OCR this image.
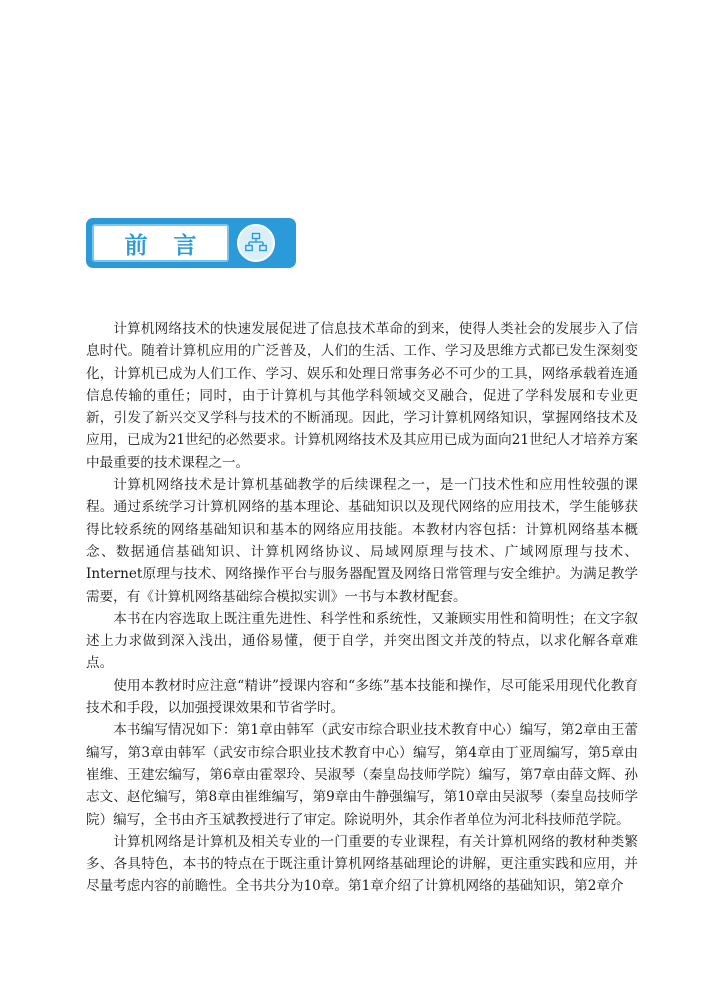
前言

计算机网络技术的快速发展促进了信息技术革命的到来，使得人类社会的发展步入了信息时代。随着计算机应用的广泛普及，人们的生活、工作、学习及思维方式都已发生深刻变化，计算机已成为人们工作、学习、娱乐和处理日常事务必不可少的工具，网络承载着连通信息传输的重任；同时，由于计算机与其他学科领域交叉融合，促进了学科发展和专业更新，引发了新兴交叉学科与技术的不断涌现。因此，学习计算机网络知识，掌握网络技术及应用，已成为21世纪的必然要求。计算机网络技术及其应用已成为面向21世纪人才培养方案中最重要的技术课程之一。

计算机网络技术是计算机基础教学的后续课程之一，是一门技术性和应用性较强的课程。通过系统学习计算机网络的基本理论、基础知识以及现代网络的应用技术，学生能够获得比较系统的网络基础知识和基本的网络应用技能。本教材内容包括：计算机网络基本概念、数据通信基础知识、计算机网络协议、局域网原理与技术、广域网原理与技术、Internet原理与技术、网络操作平台与服务器配置及网络日常管理与安全维护。为满足教学需要，有《计算机网络基础综合模拟实训》一书与本教材配套。

本书在内容选取上既注重先进性、科学性和系统性，又兼顾实用性和简明性；在文字叙述上力求做到深入浅出，通俗易懂，便于自学，并突出图文并茂的特点，以求化解各章难点。

使用本教材时应注意“精讲”授课内容和“多练”基本技能和操作，尽可能采用现代化教育技术和手段，以加强授课效果和节省学时。

本书编写情况如下：第1章由韩军（武安市综合职业技术教育中心）编写，第2章由王蕾编写，第3章由韩军（武安市综合职业技术教育中心）编写，第4章由丁亚周编写，第5章由崔维、王建宏编写，第6章由霍翠玲、吴淑琴（秦皇岛技师学院）编写，第7章由薛文辉、孙志文、赵佗编写，第8章由崔维编写，第9章由牛静强编写，第10章由吴淑琴（秦皇岛技师学院）编写，全书由齐玉斌教授进行了审定。除说明外，其余作者单位为河北科技师范学院。

计算机网络是计算机及相关专业的一门重要的专业课程，有关计算机网络的教材种类繁多、各具特色，本书的特点在于既注重计算机网络基础理论的讲解，更注重实践和应用，并尽量考虑内容的前瞻性。全书共分为10章。第1章介绍了计算机网络的基础知识，第2章介
